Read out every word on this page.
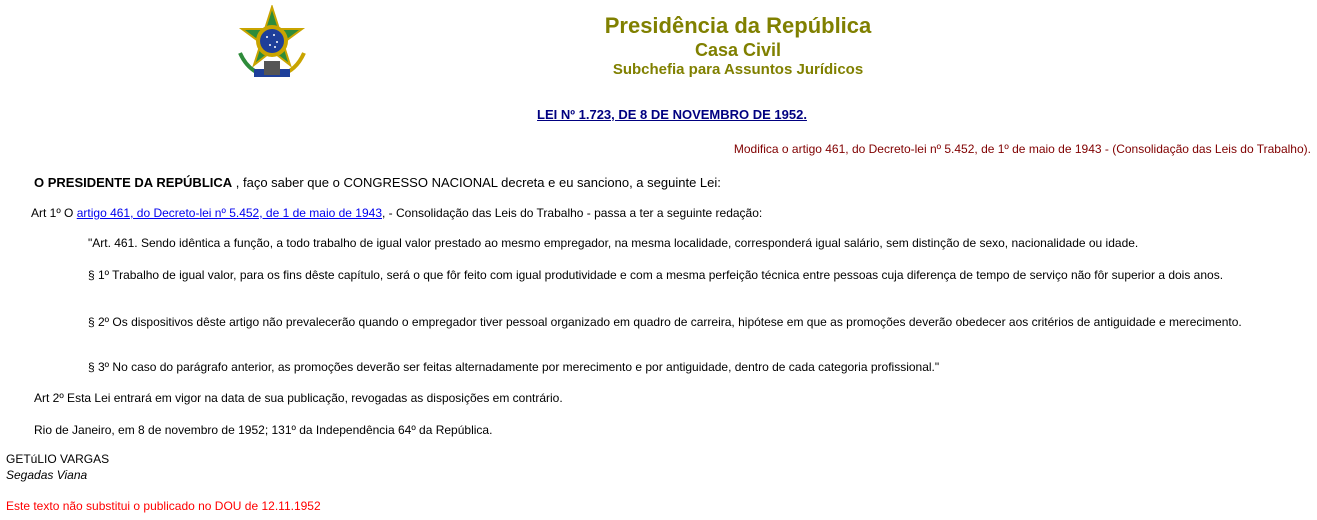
Presidência da República
Casa Civil
Subchefia para Assuntos Jurídicos
LEI Nº 1.723, DE 8 DE NOVEMBRO DE 1952.
Modifica o artigo 461, do Decreto-lei nº 5.452, de 1º de maio de 1943 - (Consolidação das Leis do Trabalho).
O PRESIDENTE DA REPÚBLICA , faço saber que o CONGRESSO NACIONAL decreta e eu sanciono, a seguinte Lei:
Art 1º O artigo 461, do Decreto-lei nº 5.452, de 1 de maio de 1943, - Consolidação das Leis do Trabalho - passa a ter a seguinte redação:
"Art. 461. Sendo idêntica a função, a todo trabalho de igual valor prestado ao mesmo empregador, na mesma localidade, corresponderá igual salário, sem distinção de sexo, nacionalidade ou idade.
§ 1º Trabalho de igual valor, para os fins dêste capítulo, será o que fôr feito com igual produtividade e com a mesma perfeição técnica entre pessoas cuja diferença de tempo de serviço não fôr superior a dois anos.
§ 2º Os dispositivos dêste artigo não prevalecerão quando o empregador tiver pessoal organizado em quadro de carreira, hipótese em que as promoções deverão obedecer aos critérios de antiguidade e merecimento.
§ 3º No caso do parágrafo anterior, as promoções deverão ser feitas alternadamente por merecimento e por antiguidade, dentro de cada categoria profissional."
Art 2º Esta Lei entrará em vigor na data de sua publicação, revogadas as disposições em contrário.
Rio de Janeiro, em 8 de novembro de 1952; 131º da Independência 64º da República.
GETúLIO VARGAS
Segadas Viana
Este texto não substitui o publicado no DOU de 12.11.1952
